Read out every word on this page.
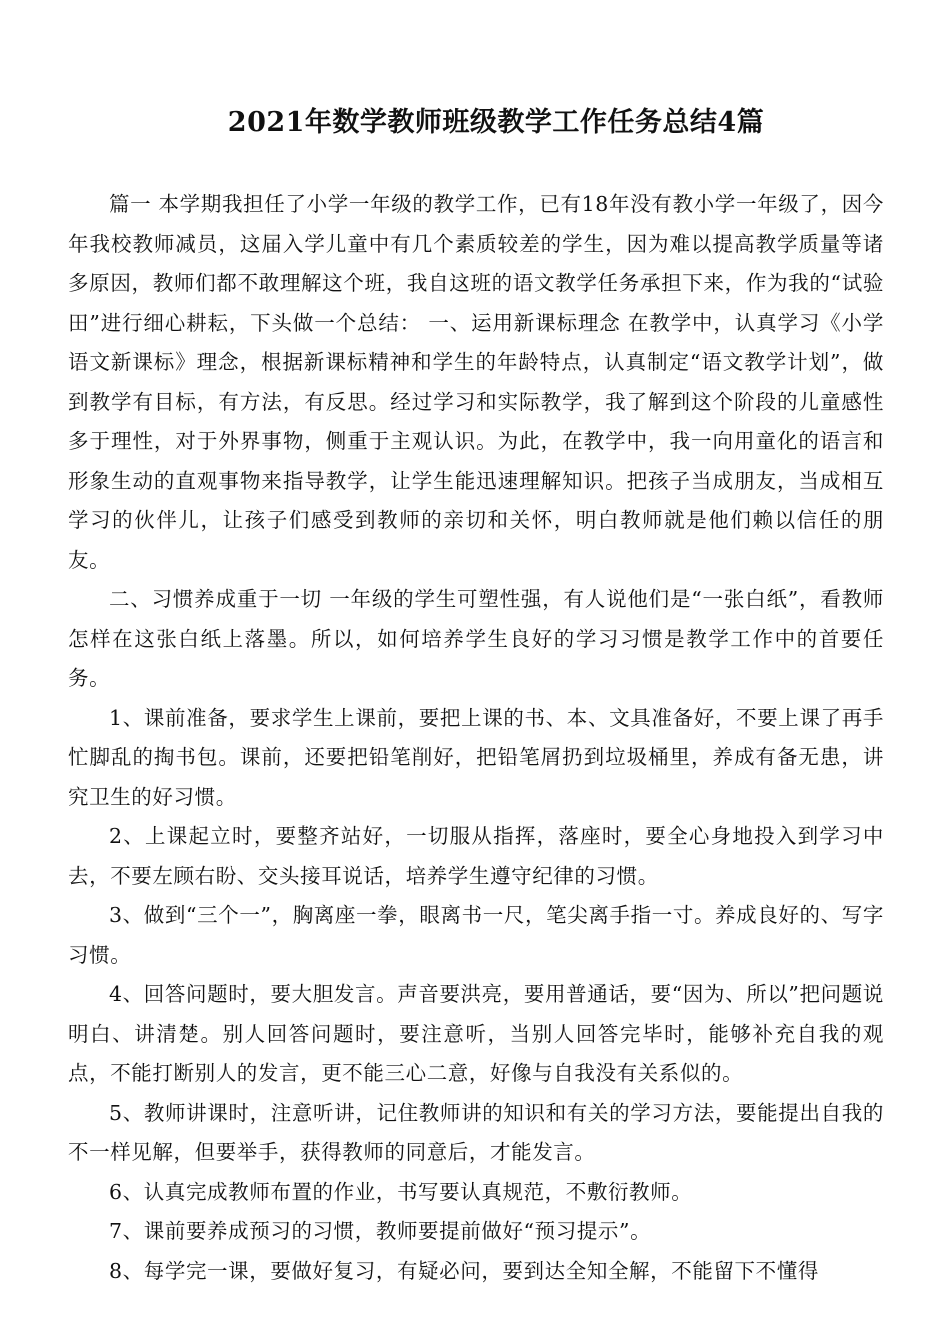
2021年数学教师班级教学工作任务总结4篇

篇一 本学期我担任了小学一年级的教学工作，已有18年没有教小学一年级了，因今年我校教师减员，这届入学儿童中有几个素质较差的学生，因为难以提高教学质量等诸多原因，教师们都不敢理解这个班，我自这班的语文教学任务承担下来，作为我的“试验田”进行细心耕耘，下头做一个总结： 一、运用新课标理念 在教学中，认真学习《小学语文新课标》理念，根据新课标精神和学生的年龄特点，认真制定“语文教学计划”，做到教学有目标，有方法，有反思。经过学习和实际教学，我了解到这个阶段的儿童感性多于理性，对于外界事物，侧重于主观认识。为此，在教学中，我一向用童化的语言和形象生动的直观事物来指导教学，让学生能迅速理解知识。把孩子当成朋友，当成相互学习的伙伴儿，让孩子们感受到教师的亲切和关怀，明白教师就是他们赖以信任的朋友。

二、习惯养成重于一切 一年级的学生可塑性强，有人说他们是“一张白纸”，看教师怎样在这张白纸上落墨。所以，如何培养学生良好的学习习惯是教学工作中的首要任务。

1、课前准备，要求学生上课前，要把上课的书、本、文具准备好，不要上课了再手忙脚乱的掏书包。课前，还要把铅笔削好，把铅笔屑扔到垃圾桶里，养成有备无患，讲究卫生的好习惯。

2、上课起立时，要整齐站好，一切服从指挥，落座时，要全心身地投入到学习中去，不要左顾右盼、交头接耳说话，培养学生遵守纪律的习惯。

3、做到“三个一”，胸离座一拳，眼离书一尺，笔尖离手指一寸。养成良好的、写字习惯。

4、回答问题时，要大胆发言。声音要洪亮，要用普通话，要“因为、所以”把问题说明白、讲清楚。别人回答问题时，要注意听，当别人回答完毕时，能够补充自我的观点，不能打断别人的发言，更不能三心二意，好像与自我没有关系似的。

5、教师讲课时，注意听讲，记住教师讲的知识和有关的学习方法，要能提出自我的不一样见解，但要举手，获得教师的同意后，才能发言。

6、认真完成教师布置的作业，书写要认真规范，不敷衍教师。

7、课前要养成预习的习惯，教师要提前做好“预习提示”。

8、每学完一课，要做好复习，有疑必问，要到达全知全解，不能留下不懂得
